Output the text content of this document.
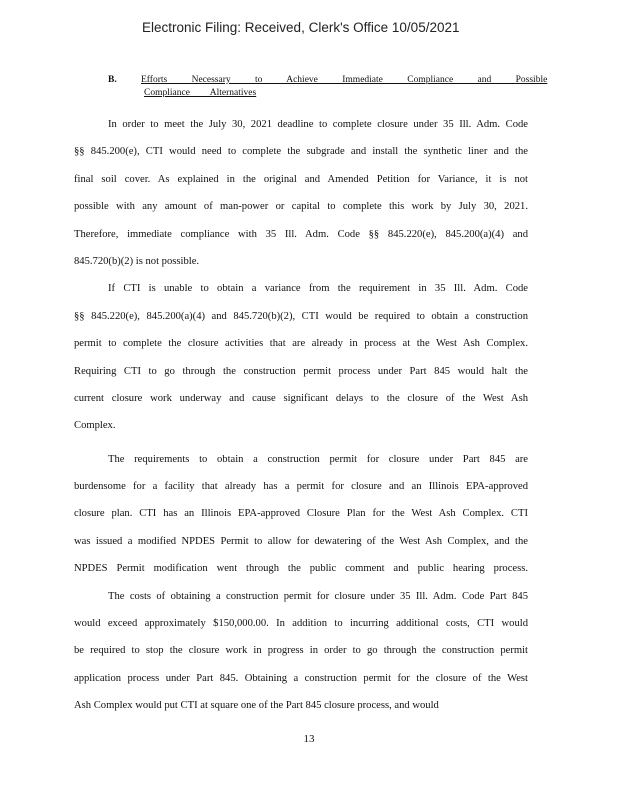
Electronic Filing: Received, Clerk's Office 10/05/2021
B.	Efforts Necessary to Achieve Immediate Compliance and Possible
Compliance Alternatives
In order to meet the July 30, 2021 deadline to complete closure under 35 Ill. Adm. Code
§§ 845.200(e), CTI would need to complete the subgrade and install the synthetic liner and the
final soil cover. As explained in the original and Amended Petition for Variance, it is not
possible with any amount of man-power or capital to complete this work by July 30, 2021.
Therefore, immediate compliance with 35 Ill. Adm. Code §§ 845.220(e), 845.200(a)(4) and
845.720(b)(2) is not possible.
If CTI is unable to obtain a variance from the requirement in 35 Ill. Adm. Code
§§ 845.220(e), 845.200(a)(4) and 845.720(b)(2), CTI would be required to obtain a construction
permit to complete the closure activities that are already in process at the West Ash Complex.
Requiring CTI to go through the construction permit process under Part 845 would halt the
current closure work underway and cause significant delays to the closure of the West Ash
Complex.
The requirements to obtain a construction permit for closure under Part 845 are
burdensome for a facility that already has a permit for closure and an Illinois EPA-approved
closure plan. CTI has an Illinois EPA-approved Closure Plan for the West Ash Complex. CTI
was issued a modified NPDES Permit to allow for dewatering of the West Ash Complex, and the
NPDES Permit modification went through the public comment and public hearing process.
The costs of obtaining a construction permit for closure under 35 Ill. Adm. Code Part 845
would exceed approximately $150,000.00. In addition to incurring additional costs, CTI would
be required to stop the closure work in progress in order to go through the construction permit
application process under Part 845. Obtaining a construction permit for the closure of the West
Ash Complex would put CTI at square one of the Part 845 closure process, and would
13
